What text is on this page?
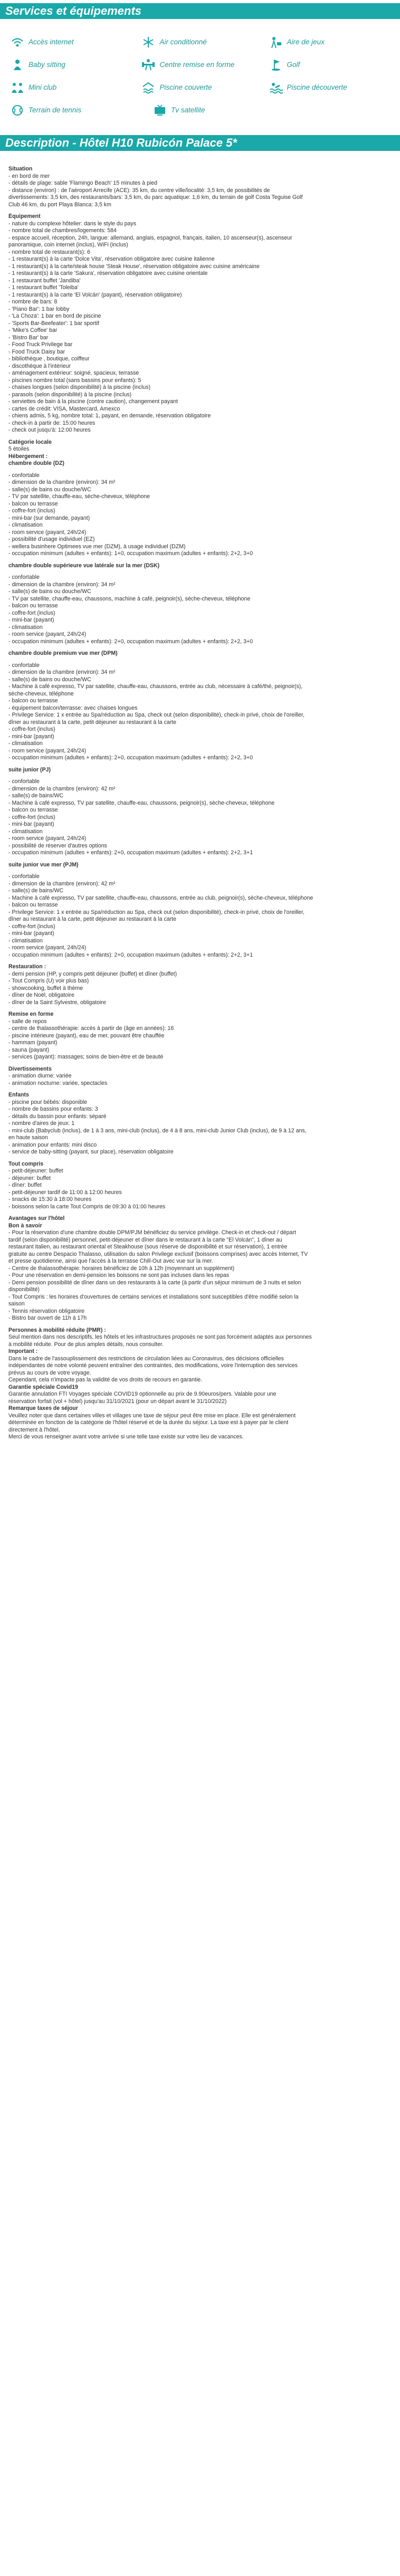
Services et équipements
Accès internet	Air conditionné	Aire de jeux
Baby sitting	Centre remise en forme	Golf
Mini club	Piscine couverte	Piscine découverte
Terrain de tennis	Tv satellite
Description - Hôtel H10 Rubicón Palace 5*
Situation
- en bord de mer
- détails de plage: sable 'Flamingo Beach' 15 minutes à pied
- distance (environ) : de l'aéroport Arrecife (ACE): 35 km, du centre ville/localité: 3,5 km, de possibilités de
divertissements: 3,5 km, des restaurants/bars: 3,5 km, du parc aquatique: 1,6 km, du terrain de golf Costa Teguise Golf
Club 46 km, du port Playa Blanca: 3,5 km
Équipement
- nature du complexe hôtelier: dans le style du pays
- nombre total de chambres/logements: 584
- espace accueil, réception, 24h, langue: allemand, anglais, espagnol, français, italien, 10 ascenseur(s), ascenseur
panoramique, coin internet (inclus), WiFi (inclus)
- nombre total de restaurant(s): 6
- 1 restaurant(s) à la carte 'Dolce Vita', réservation obligatoire avec cuisine italienne
- 1 restaurant(s) à la carte/steak house 'Steak House', réservation obligatoire avec cuisine américaine
- 1 restaurant(s) à la carte 'Sakura', réservation obligatoire avec cuisine orientale
- 1 restaurant buffet 'Jandiba'
- 1 restaurant buffet 'Toleiba'
- 1 restaurant(s) à la carte 'El Volcán' (payant), réservation obligatoire)
- nombre de bars: 8
- 'Piano Bar': 1 bar lobby
- 'La Choza': 1 bar en bord de piscine
- 'Sports Bar-Beefeater': 1 bar sportif
- 'Mike's Coffee' bar
- 'Bistro Bar' bar
- Food Truck Privilege bar
- Food Truck Daisy bar
- bibliothèque , boutique, coiffeur
- discothèque à l'intérieur
- aménagement extérieur: soigné, spacieux, terrasse
- piscines nombre total (sans bassins pour enfants): 5
- chaises longues (selon disponibilité) à la piscine (inclus)
- parasols (selon disponibilité) à la piscine (inclus)
- serviettes de bain à la piscine (contre caution), changement payant
- cartes de crédit: VISA, Mastercard, Amexco
- chiens admis, 5 kg, nombre total: 1, payant, en demande, réservation obligatoire
- check-in à partir de: 15:00 heures
- check out jusqu'à: 12:00 heures
Catégorie locale
5 étoiles
Hébergement :
chambre double (DZ)
- confortable
- dimension de la chambre (environ): 34 m²
- salle(s) de bains ou douche/WC
- TV par satellite, chauffe-eau, sèche-cheveux, téléphone
- balcon ou terrasse
- coffre-fort (inclus)
- mini-bar (sur demande, payant)
- climatisation
- room service (payant, 24h/24)
- possibilité d'usage individuel (EZ)
- wellera businhere Optimees vue mer (DZM), à usage individuel (DZM)
- occupation minimum (adultes + enfants): 1+0, occupation maximum (adultes + enfants): 2+2, 3+0
chambre double supérieure vue latérale sur la mer (DSK)
- confortable
- dimension de la chambre (environ): 34 m²
- salle(s) de bains ou douche/WC
- TV par satellite, chauffe-eau, chaussons, machine à café, peignoir(s), sèche-cheveux, téléphone
- balcon ou terrasse
- coffre-fort (inclus)
- mini-bar (payant)
- climatisation
- room service (payant, 24h/24)
- occupation minimum (adultes + enfants): 2+0, occupation maximum (adultes + enfants): 2+2, 3+0
chambre double premium vue mer (DPM)
- confortable
- dimension de la chambre (environ): 34 m²
- salle(s) de bains ou douche/WC
- Machine à café expresso, TV par satellite, chauffe-eau, chaussons, entrée au club, nécessaire à café/thé, peignoir(s),
sèche-cheveux, téléphone
- balcon ou terrasse
- équipement balcon/terrasse: avec chaises longues
- Privilege Service: 1 x entrée au Spa/réduction au Spa, check out (selon disponibilité), check-in privé, choix de l'oreiller,
dîner au restaurant à la carte, petit déjeuner au restaurant à la carte
- coffre-fort (inclus)
- mini-bar (payant)
- climatisation
- room service (payant, 24h/24)
- occupation minimum (adultes + enfants): 2+0, occupation maximum (adultes + enfants): 2+2, 3+0
suite junior (PJ)
- confortable
- dimension de la chambre (environ): 42 m²
- salle(s) de bains/WC
- Machine à café expresso, TV par satellite, chauffe-eau, chaussons, peignoir(s), sèche-cheveux, téléphone
- balcon ou terrasse
- coffre-fort (inclus)
- mini-bar (payant)
- climatisation
- room service (payant, 24h/24)
- possibilité de réserver d'autres options
- occupation minimum (adultes + enfants): 2+0, occupation maximum (adultes + enfants): 2+2, 3+1
suite junior vue mer (PJM)
- confortable
- dimension de la chambre (environ): 42 m²
- salle(s) de bains/WC
- Machine à café expresso, TV par satellite, chauffe-eau, chaussons, entrée au club, peignoir(s), sèche-cheveux, téléphone
- balcon ou terrasse
- Privilege Service: 1 x entrée au Spa/réduction au Spa, check out (selon disponibilité), check-in privé, choix de l'oreiller,
dîner au restaurant à la carte, petit déjeuner au restaurant à la carte
- coffre-fort (inclus)
- mini-bar (payant)
- climatisation
- room service (payant, 24h/24)
- occupation minimum (adultes + enfants): 2+0, occupation maximum (adultes + enfants): 2+2, 3+1
Restauration :
- demi pension (HP, y compris petit déjeuner (buffet) et dîner (buffet)
- Tout Compris (U) voir plus bas)
- showcooking, buffet à thème
- dîner de Noël, obligatoire
- dîner de la Saint Sylvestre, obligatoire
Remise en forme
- salle de repos
- centre de thalassothérapie: accès à partir de (âge en années): 16
- piscine intérieure (payant), eau de mer, pouvant être chauffée
- hammam (payant)
- sauna (payant)
- services (payant): massages; soins de bien-être et de beauté
Divertissements
- animation diurne: variée
- animation nocturne: variée, spectacles
Enfants
- piscine pour bébés: disponible
- nombre de bassins pour enfants: 3
- détails du bassin pour enfants: séparé
- nombre d'aires de jeux: 1
- mini-club (Babyclub (inclus), de 1 à 3 ans, mini-club (inclus), de 4 à 8 ans, mini-club Junior Club (inclus), de 9 à 12 ans,
en haute saison
- animation pour enfants: mini disco
- service de baby-sitting (payant, sur place), réservation obligatoire
Tout compris
- petit-déjeuner: buffet
- déjeuner: buffet
- dîner: buffet
- petit-déjeuner tardif de 11:00 à 12:00 heures
- snacks de 15:30 à 18:00 heures
- boissons selon la carte Tout Compris de 09:30 à 01:00 heures
Avantages sur l'hôtel
Bon à savoir
- Pour la réservation d'une chambre double DPM/PJM bénéficiez du service privilège. Check-in et check-out / départ
tardif (selon disponibilité) personnel, petit-déjeuner et dîner dans le restaurant à la carte "El Volcán", 1 dîner au
restaurant italien, au restaurant oriental et Steakhouse (sous réserve de disponibilité et sur réservation), 1 entrée
gratuite au centre Despacio Thalasso, utilisation du salon Privilege exclusif (boissons comprises) avec accès Internet, TV
et presse quotidienne, ainsi que l'accès à la terrasse Chill-Out avec vue sur la mer.
- Centre de thalassothérapie: horaires bénéficiez de 10h à 12h (moyennant un supplément)
- Pour une réservation en demi-pension les boissons ne sont pas incluses dans les repas
- Demi pension possibilité de dîner dans un des restaurants à la carte (à partir d'un séjour minimum de 3 nuits et selon
disponibilité)
- Tout Compris : les horaires d'ouvertures de certains services et installations sont susceptibles d'être modifié selon la
saison
- Tennis réservation obligatoire
- Bistro bar ouvert de 11h à 17h
Personnes à mobilité réduite (PMR) :
Seul mention dans nos descriptifs, les hôtels et les infrastructures proposés ne sont pas forcément adaptés aux personnes
à mobilité réduite. Pour de plus amples détails, nous consulter.
Important :
Dans le cadre de l'assouplissement des restrictions de circulation liées au Coronavirus, des décisions officielles
indépendantes de notre volonté peuvent entraîner des contraintes, des modifications, voire l'interruption des services
prévus au cours de votre voyage.
Cependant, cela n'impacte pas la validité de vos droits de recours en garantie.
Garantie spéciale Covid19
Garantie annulation FTI Voyages spéciale COVID19 optionnelle au prix de 9.90euros/pers. Valable pour une
réservation forfait (vol + hôtel) jusqu'au 31/10/2021 (pour un départ avant le 31/10/2022)
Remarque taxes de séjour
Veuillez noter que dans certaines villes et villages une taxe de séjour peut être mise en place. Elle est généralement
déterminée en fonction de la catégorie de l'hôtel réservé et de la durée du séjour. La taxe est à payer par le client
directement à l'hôtel.
Merci de vous renseigner avant votre arrivée si une telle taxe existe sur votre lieu de vacances.
